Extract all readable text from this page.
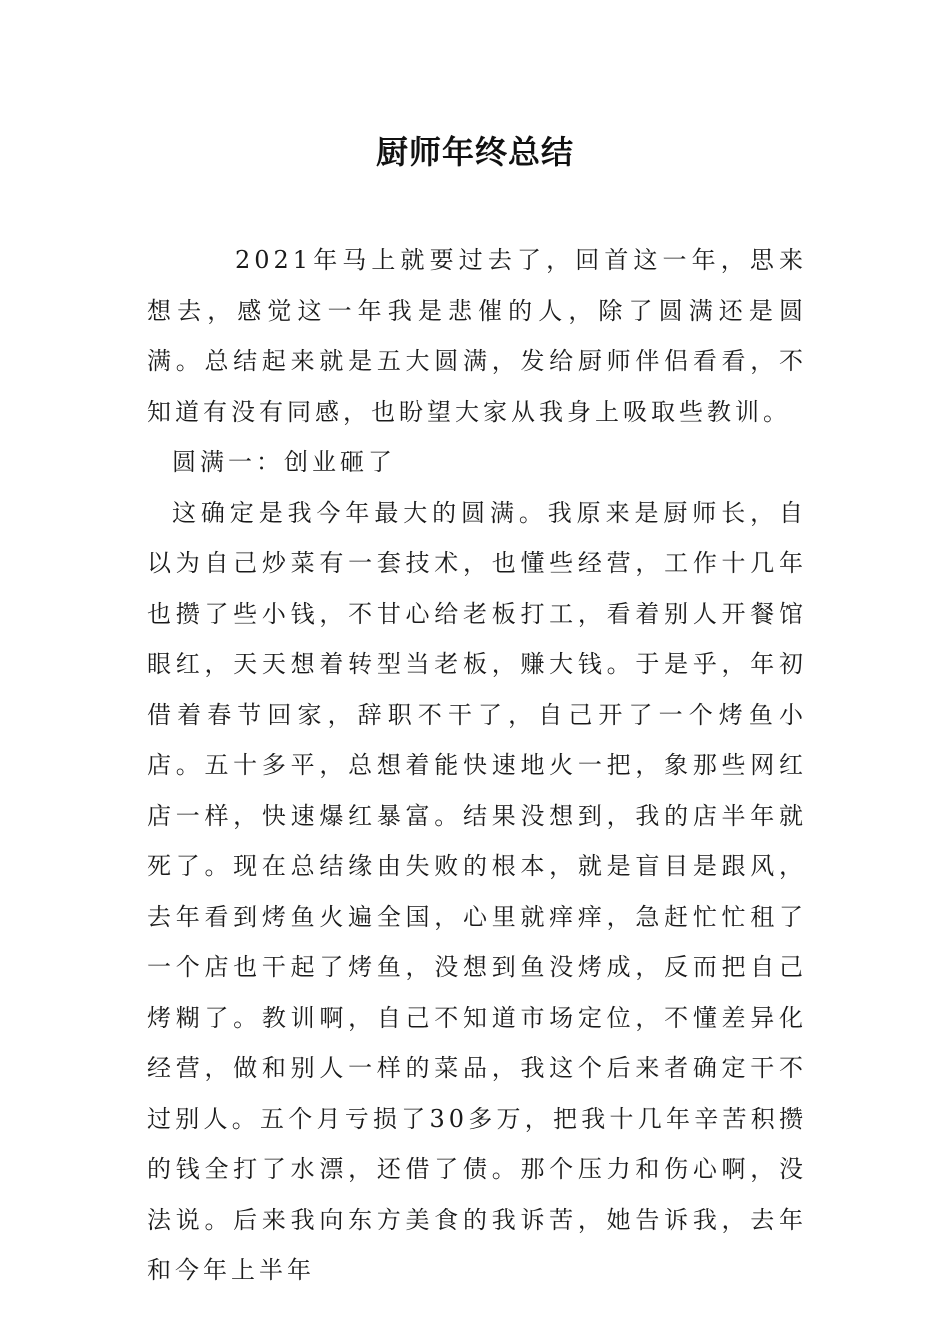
厨师年终总结

2021年马上就要过去了，回首这一年，思来想去，感觉这一年我是悲催的人，除了圆满还是圆满。总结起来就是五大圆满，发给厨师伴侣看看，不知道有没有同感，也盼望大家从我身上吸取些教训。

圆满一：创业砸了

这确定是我今年最大的圆满。我原来是厨师长，自以为自己炒菜有一套技术，也懂些经营，工作十几年也攒了些小钱，不甘心给老板打工，看着别人开餐馆眼红，天天想着转型当老板，赚大钱。于是乎，年初借着春节回家，辞职不干了，自己开了一个烤鱼小店。五十多平，总想着能快速地火一把，象那些网红店一样，快速爆红暴富。结果没想到，我的店半年就死了。现在总结缘由失败的根本，就是盲目是跟风，去年看到烤鱼火遍全国，心里就痒痒，急赶忙忙租了一个店也干起了烤鱼，没想到鱼没烤成，反而把自己烤糊了。教训啊，自己不知道市场定位，不懂差异化经营，做和别人一样的菜品，我这个后来者确定干不过别人。五个月亏损了30多万，把我十几年辛苦积攒的钱全打了水漂，还借了债。那个压力和伤心啊，没法说。后来我向东方美食的我诉苦，她告诉我，去年和今年上半年
